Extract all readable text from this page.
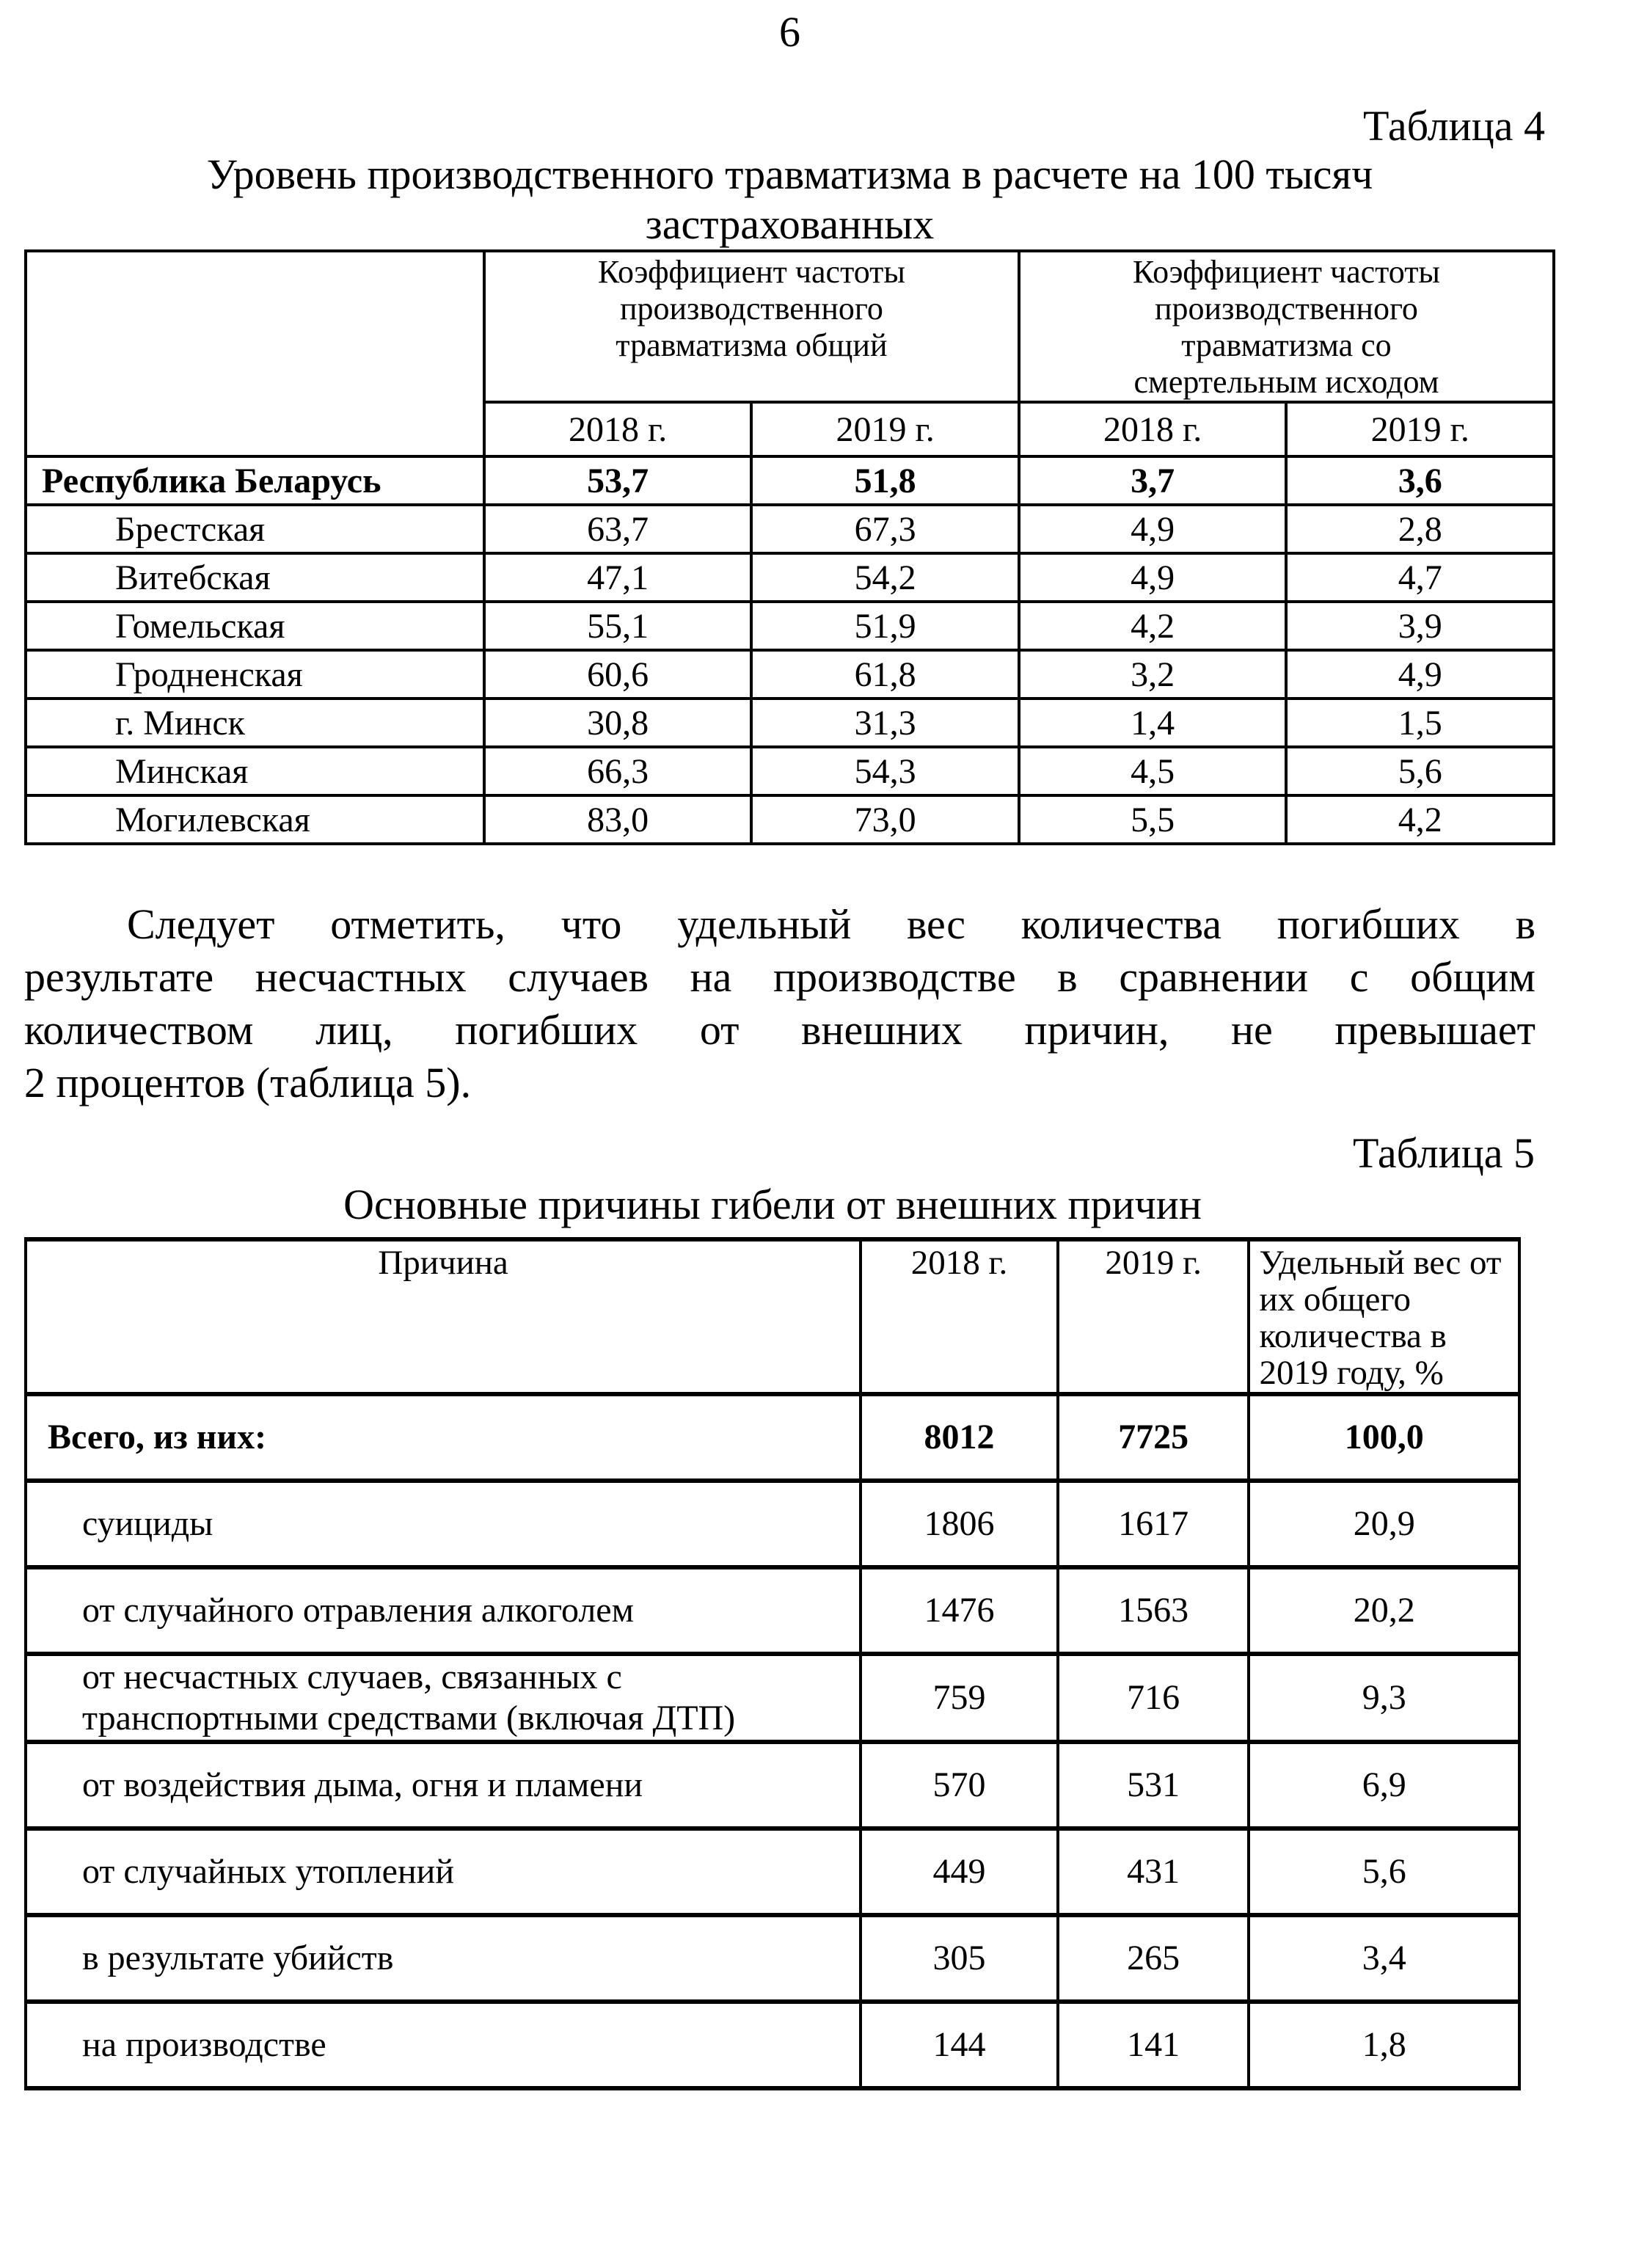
6
Таблица 4
Уровень производственного травматизма в расчете на 100 тысяч
застрахованных
	Коэффициент частоты производственного травматизма общий		Коэффициент частоты производственного травматизма со смертельным исходом	
	2018 г.	2019 г.	2018 г.	2019 г.
Республика Беларусь	53,7	51,8	3,7	3,6
Брестская	63,7	67,3	4,9	2,8
Витебская	47,1	54,2	4,9	4,7
Гомельская	55,1	51,9	4,2	3,9
Гродненская	60,6	61,8	3,2	4,9
г. Минск	30,8	31,3	1,4	1,5
Минская	66,3	54,3	4,5	5,6
Могилевская	83,0	73,0	5,5	4,2
Следует отметить, что удельный вес количества погибших в
результате несчастных случаев на производстве в сравнении с общим
количеством лиц, погибших от внешних причин, не превышает
2 процентов (таблица 5).
Таблица 5
Основные причины гибели от внешних причин
Причина	2018 г.	2019 г.	Удельный вес от их общего количества в 2019 году, %
Всего, из них:	8012	7725	100,0
суициды	1806	1617	20,9
от случайного отравления алкоголем	1476	1563	20,2
от несчастных случаев, связанных с транспортными средствами (включая ДТП)	759	716	9,3
от воздействия дыма, огня и пламени	570	531	6,9
от случайных утоплений	449	431	5,6
в результате убийств	305	265	3,4
на производстве	144	141	1,8
